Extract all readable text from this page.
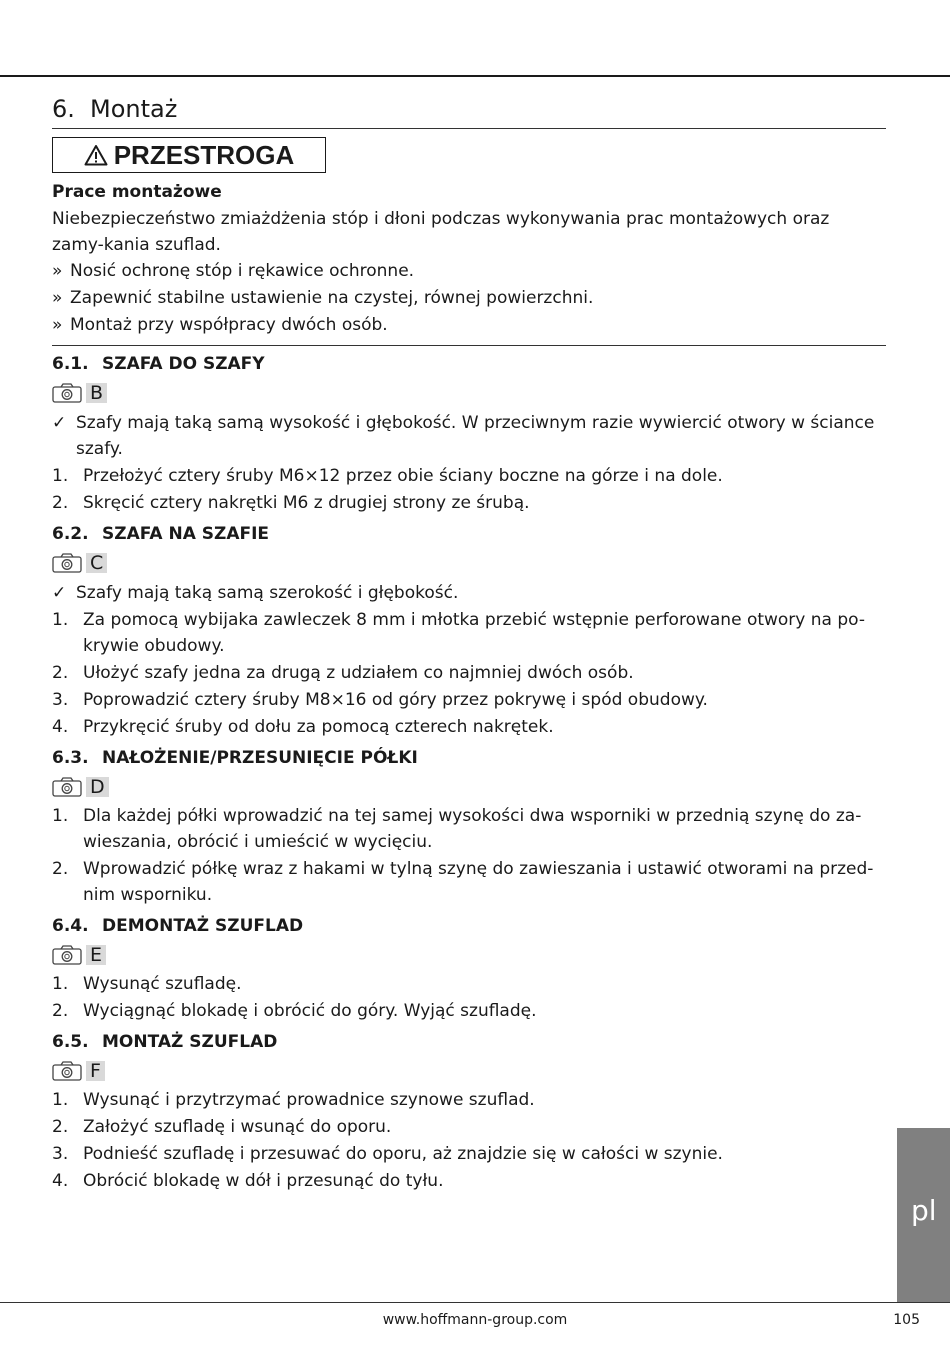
6. Montaż
PRZESTROGA
Prace montażowe
Niebezpieczeństwo zmiażdżenia stóp i dłoni podczas wykonywania prac montażowych oraz zamy-kania szuflad.
» Nosić ochronę stóp i rękawice ochronne.
» Zapewnić stabilne ustawienie na czystej, równej powierzchni.
» Montaż przy współpracy dwóch osób.
6.1. SZAFA DO SZAFY
B
✓ Szafy mają taką samą wysokość i głębokość. W przeciwnym razie wywiercić otwory w ściance szafy.
1. Przełożyć cztery śruby M6×12 przez obie ściany boczne na górze i na dole.
2. Skręcić cztery nakrętki M6 z drugiej strony ze śrubą.
6.2. SZAFA NA SZAFIE
C
✓ Szafy mają taką samą szerokość i głębokość.
1. Za pomocą wybijaka zawleczek 8 mm i młotka przebić wstępnie perforowane otwory na po-krywie obudowy.
2. Ułożyć szafy jedna za drugą z udziałem co najmniej dwóch osób.
3. Poprowadzić cztery śruby M8×16 od góry przez pokrywę i spód obudowy.
4. Przykręcić śruby od dołu za pomocą czterech nakrętek.
6.3. NAŁOŻENIE/PRZESUNIĘCIE PÓŁKI
D
1. Dla każdej półki wprowadzić na tej samej wysokości dwa wsporniki w przednią szynę do za-wieszania, obrócić i umieścić w wycięciu.
2. Wprowadzić półkę wraz z hakami w tylną szynę do zawieszania i ustawić otworami na przed-nim wsporniku.
6.4. DEMONTAŻ SZUFLAD
E
1. Wysunąć szufladę.
2. Wyciągnąć blokadę i obrócić do góry. Wyjąć szufladę.
6.5. MONTAŻ SZUFLAD
F
1. Wysunąć i przytrzymać prowadnice szynowe szuflad.
2. Założyć szufladę i wsunąć do oporu.
3. Podnieść szufladę i przesuwać do oporu, aż znajdzie się w całości w szynie.
4. Obrócić blokadę w dół i przesunąć do tyłu.
pl
www.hoffmann-group.com	105
